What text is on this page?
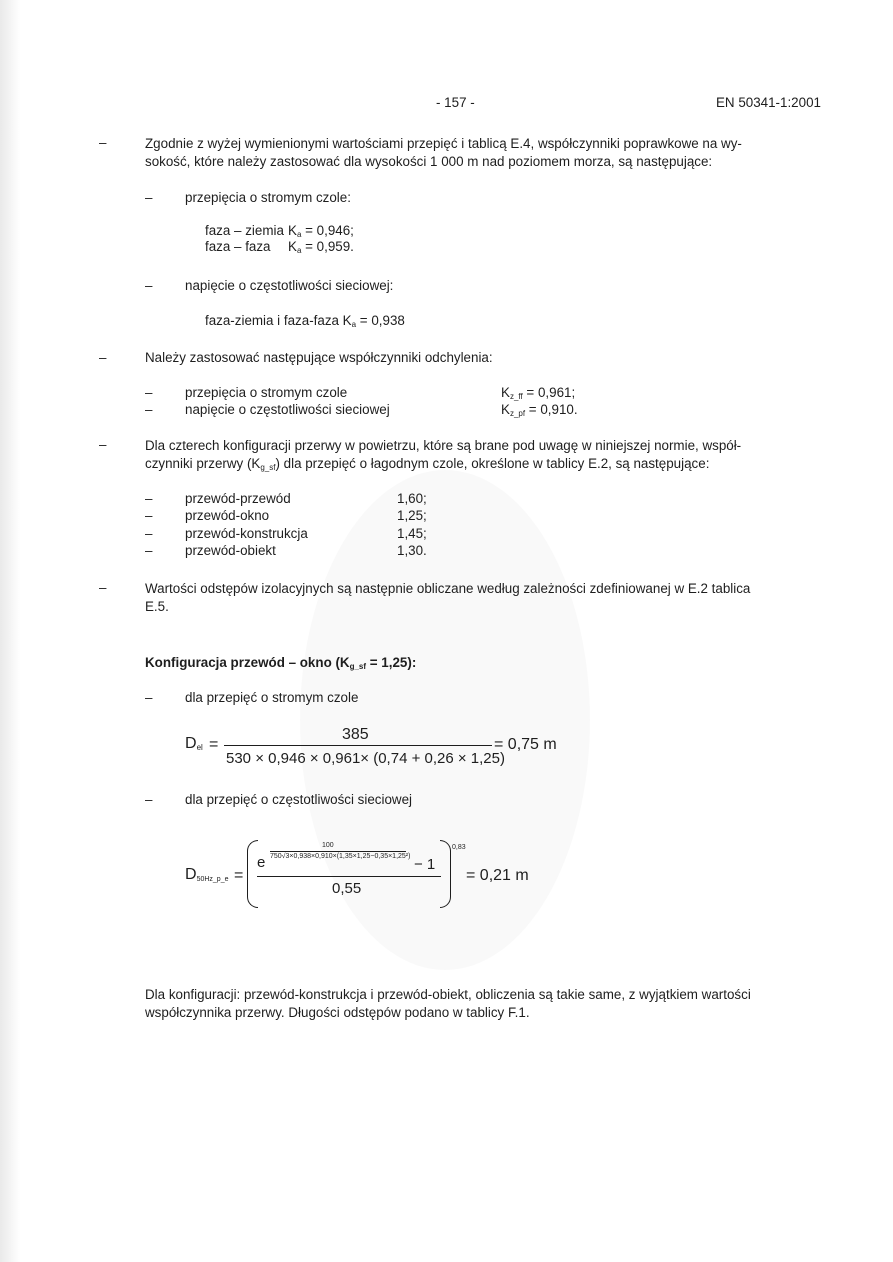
- 157 -	EN 50341-1:2001
–	Zgodnie z wyżej wymienionymi wartościami przepięć i tablicą E.4, współczynniki poprawkowe na wy-
sokość, które należy zastosować dla wysokości 1 000 m nad poziomem morza, są następujące:
– przepięcia o stromym czole:
faza – ziemia $K_a = 0,946$;
faza – faza $K_a = 0,959$.
– napięcie o częstotliwości sieciowej:
faza-ziemia i faza-faza $K_a = 0,938$
–	Należy zastosować następujące współczynniki odchylenia:
– przepięcia o stromym czole	$K_{z\_ff} = 0,961$;
– napięcie o częstotliwości sieciowej	$K_{z\_pf} = 0,910$.
–	Dla czterech konfiguracji przerwy w powietrzu, które są brane pod uwagę w niniejszej normie, współ-
czynniki przerwy $(K_{g\_sf})$ dla przepięć o łagodnym czole, określone w tablicy E.2, są następujące:
– przewód-przewód	1,60;
– przewód-okno	1,25;
– przewód-konstrukcja	1,45;
– przewód-obiekt	1,30.
–	Wartości odstępów izolacyjnych są następnie obliczane według zależności zdefiniowanej w E.2 tablica
E.5.
Konfiguracja przewód – okno $(K_{g\_sf} = 1,25)$:
– dla przepięć o stromym czole
$D_{el}$ =
385
530 × 0,946 × 0,961× (0,74 + 0,26 × 1,25)
= 0,75 m
– dla przepięć o częstotliwości sieciowej
$D_{50Hz\_p\_e}$ =
100
e 750√3×0,938×0,910×(1,35×1,25−0,35×1,25²) − 1
0,55
0,83
= 0,21 m
Dla konfiguracji: przewód-konstrukcja i przewód-obiekt, obliczenia są takie same, z wyjątkiem wartości
współczynnika przerwy. Długości odstępów podano w tablicy F.1.
